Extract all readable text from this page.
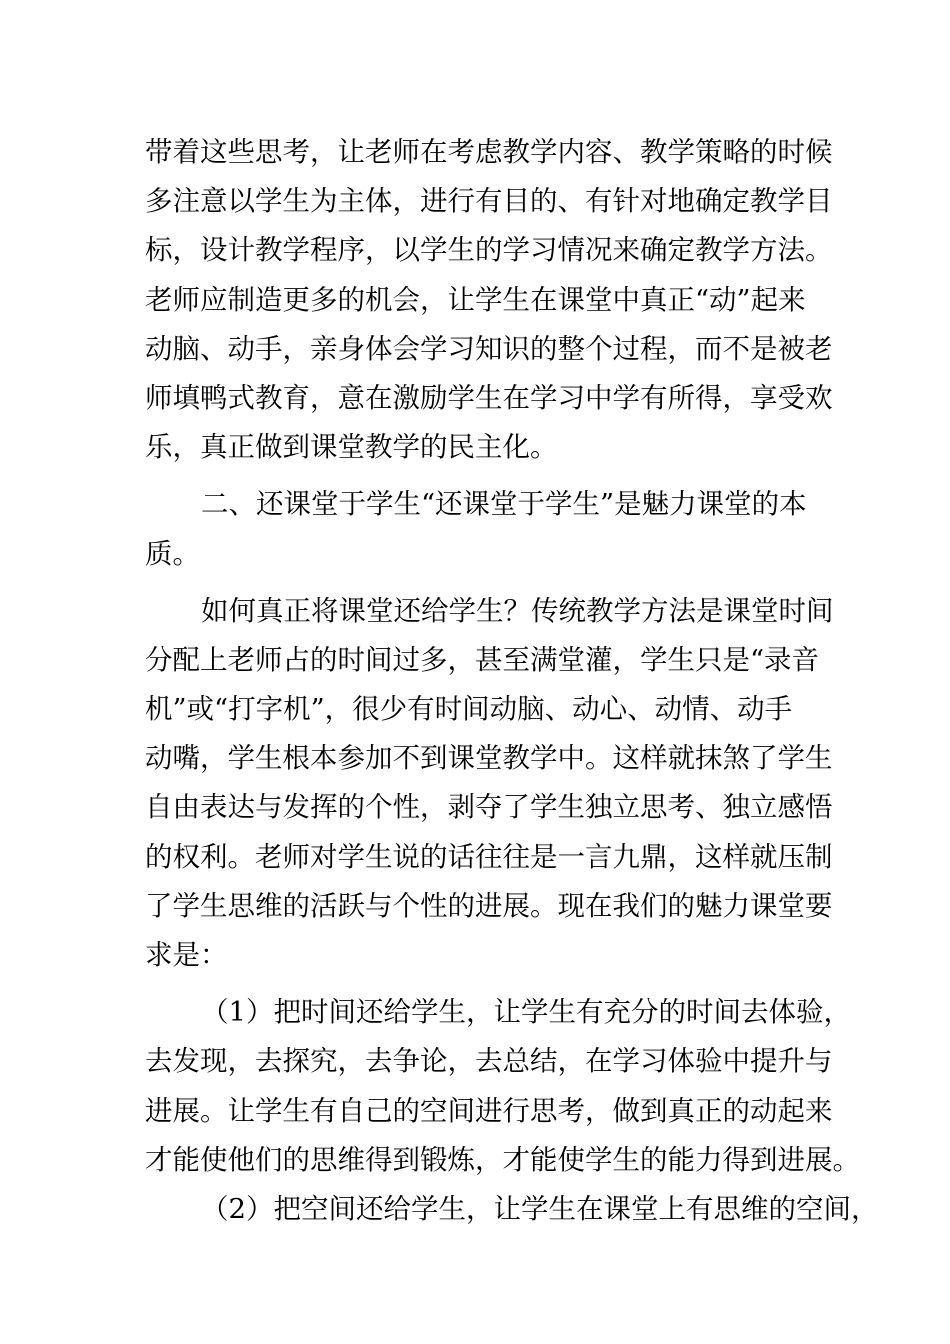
带着这些思考，让老师在考虑教学内容、教学策略的时候
多注意以学生为主体，进行有目的、有针对地确定教学目
标，设计教学程序，以学生的学习情况来确定教学方法。
老师应制造更多的机会，让学生在课堂中真正“动”起来
动脑、动手，亲身体会学习知识的整个过程，而不是被老
师填鸭式教育，意在激励学生在学习中学有所得，享受欢
乐，真正做到课堂教学的民主化。
二、还课堂于学生“还课堂于学生”是魅力课堂的本
质。
如何真正将课堂还给学生？传统教学方法是课堂时间
分配上老师占的时间过多，甚至满堂灌，学生只是“录音
机”或“打字机”，很少有时间动脑、动心、动情、动手
动嘴，学生根本参加不到课堂教学中。这样就抹煞了学生
自由表达与发挥的个性，剥夺了学生独立思考、独立感悟
的权利。老师对学生说的话往往是一言九鼎，这样就压制
了学生思维的活跃与个性的进展。现在我们的魅力课堂要
求是：
（1）把时间还给学生，让学生有充分的时间去体验，
去发现，去探究，去争论，去总结，在学习体验中提升与
进展。让学生有自己的空间进行思考，做到真正的动起来
才能使他们的思维得到锻炼，才能使学生的能力得到进展。
（2）把空间还给学生，让学生在课堂上有思维的空间，
